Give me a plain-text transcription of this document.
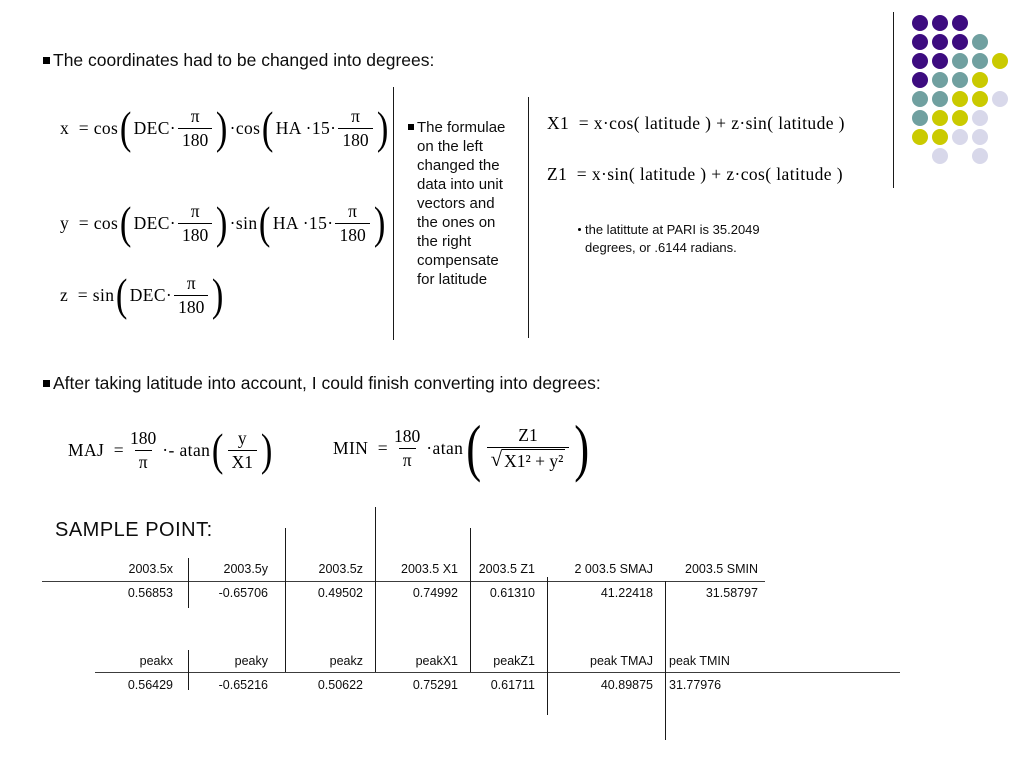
The coordinates had to be changed into degrees:
x  = cos ( $DEC\cdot \frac{\pi}{180}$ ) ·cos ( HA $\cdot 15\cdot \frac{\pi}{180}$ )
y  = cos ( $DEC\cdot \frac{\pi}{180}$ ) ·sin ( HA $\cdot 15\cdot \frac{\pi}{180}$ )
z  = sin ( $DEC\cdot \frac{\pi}{180}$ )
The formulae on the left changed the data into unit vectors and the ones on the right compensate for latitude
X1  = x·cos( latitude ) + z·sin( latitude )
Z1  = x·sin( latitude ) + z·cos( latitude )
the latittute at PARI is 35.2049 degrees, or .6144 radians.
After taking latitude into account, I could finish converting into degrees:
MAJ  = $\frac{180}{\pi} \cdot- atan$ ( $\frac{y}{X1}$ )	MIN  = $\frac{180}{\pi} \cdot atan$ ( $\frac{Z1}{\text{√ X1² + y²}}$ )
SAMPLE POINT:
2003.5x	2003.5y	2003.5z	2003.5 X1	2003.5 Z1	2 003.5 SMAJ	2003.5 SMIN
0.56853	-0.65706	0.49502	0.74992	0.61310	41.22418	31.58797
peakx	peaky	peakz	peakX1	peakZ1	peak TMAJ	peak TMIN
0.56429	-0.65216	0.50622	0.75291	0.61711	40.89875	31.77976
